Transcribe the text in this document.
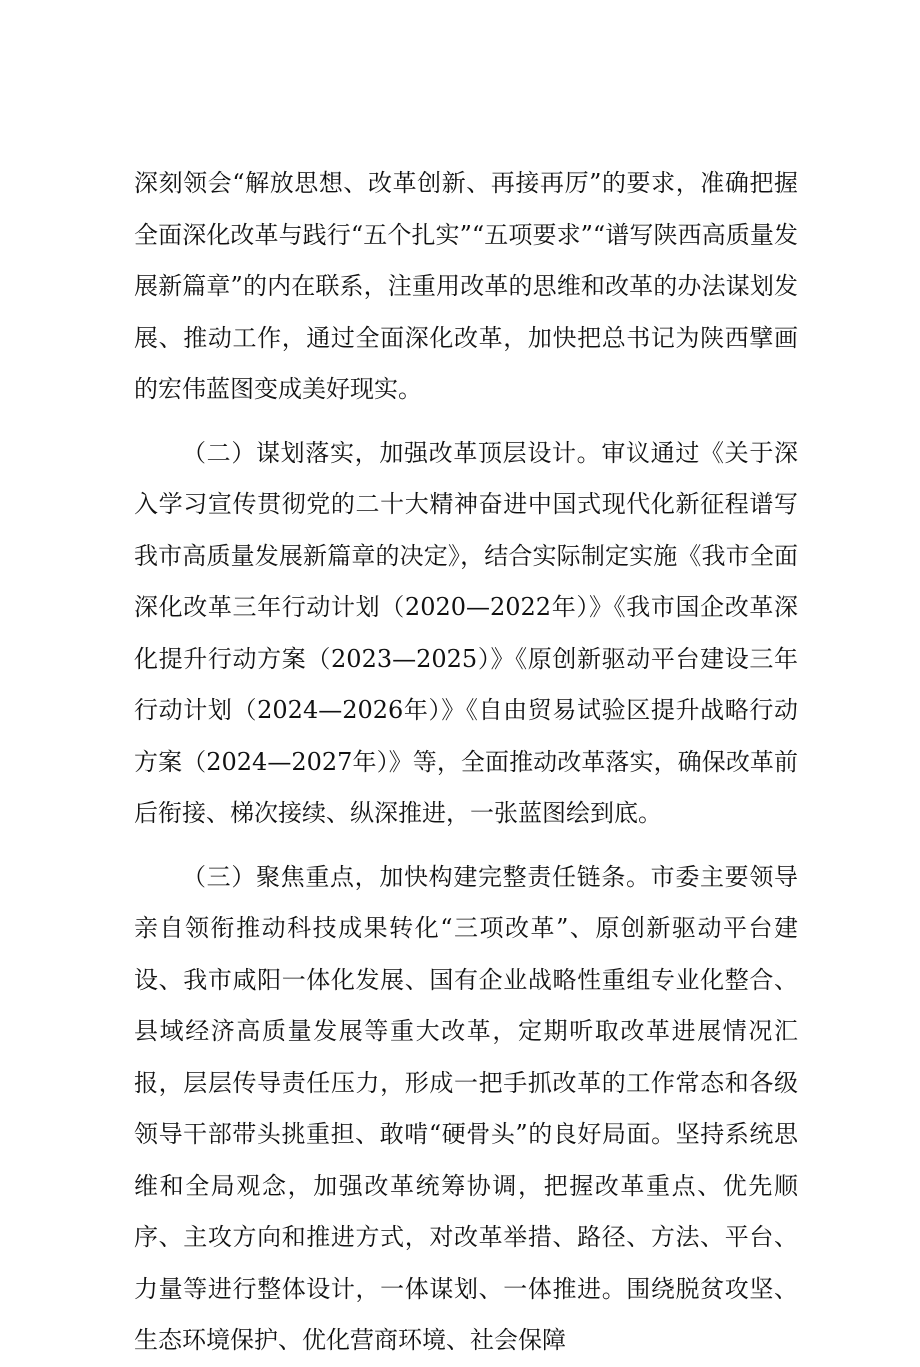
深刻领会“解放思想、改革创新、再接再厉”的要求，准确把握全面深化改革与践行“五个扎实”“五项要求”“谱写陕西高质量发展新篇章”的内在联系，注重用改革的思维和改革的办法谋划发展、推动工作，通过全面深化改革，加快把总书记为陕西擘画的宏伟蓝图变成美好现实。

（二）谋划落实，加强改革顶层设计。审议通过《关于深入学习宣传贯彻党的二十大精神奋进中国式现代化新征程谱写我市高质量发展新篇章的决定》，结合实际制定实施《我市全面深化改革三年行动计划（2020—2022年）》《我市国企改革深化提升行动方案（2023—2025）》《原创新驱动平台建设三年行动计划（2024—2026年）》《自由贸易试验区提升战略行动方案（2024—2027年）》等，全面推动改革落实，确保改革前后衔接、梯次接续、纵深推进，一张蓝图绘到底。

（三）聚焦重点，加快构建完整责任链条。市委主要领导亲自领衔推动科技成果转化“三项改革”、原创新驱动平台建设、我市咸阳一体化发展、国有企业战略性重组专业化整合、县域经济高质量发展等重大改革，定期听取改革进展情况汇报，层层传导责任压力，形成一把手抓改革的工作常态和各级领导干部带头挑重担、敢啃“硬骨头”的良好局面。坚持系统思维和全局观念，加强改革统筹协调，把握改革重点、优先顺序、主攻方向和推进方式，对改革举措、路径、方法、平台、力量等进行整体设计，一体谋划、一体推进。围绕脱贫攻坚、生态环境保护、优化营商环境、社会保障
